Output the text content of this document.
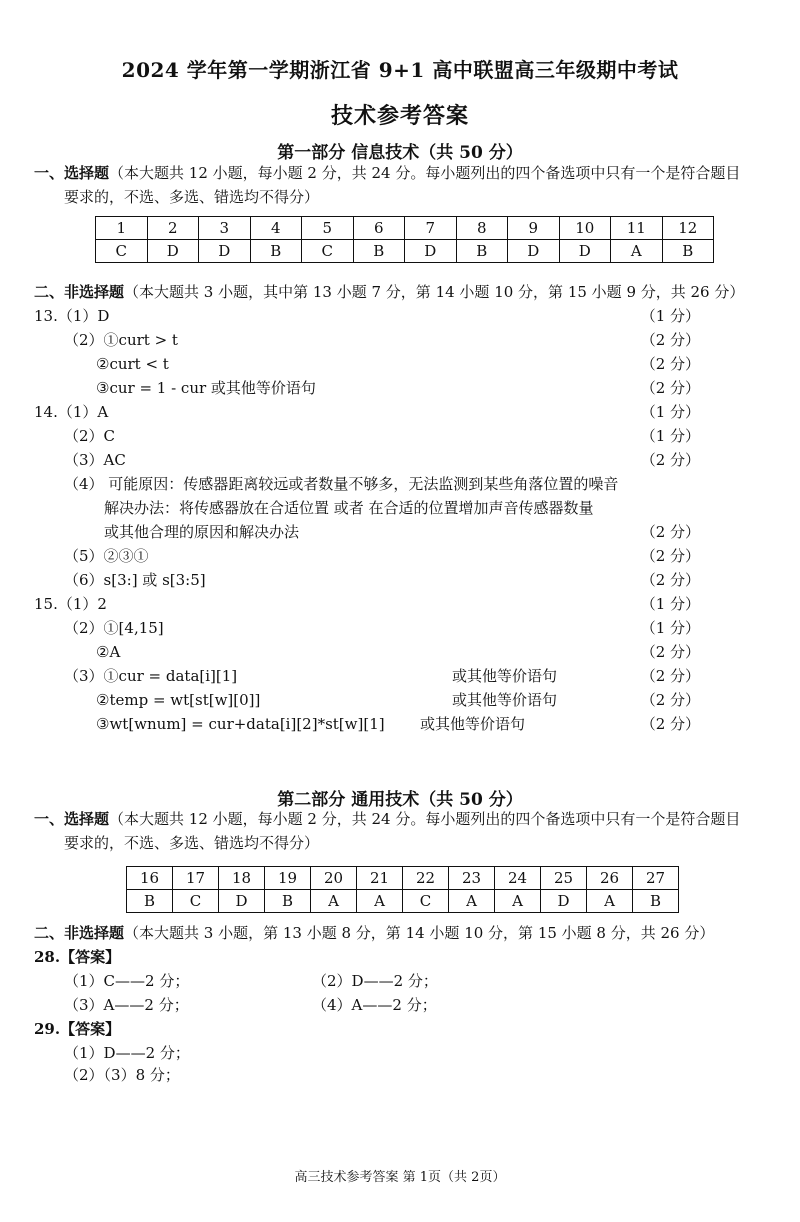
2024 学年第一学期浙江省 9+1 高中联盟高三年级期中考试
技术参考答案
第一部分 信息技术（共 50 分）
一、选择题（本大题共 12 小题，每小题 2 分，共 24 分。每小题列出的四个备选项中只有一个是符合题目
要求的，不选、多选、错选均不得分）
1	2	3	4	5	6	7	8	9	10	11	12
C	D	D	B	C	B	D	B	D	D	A	B
二、非选择题（本大题共 3 小题，其中第 13 小题 7 分，第 14 小题 10 分，第 15 小题 9 分，共 26 分）
13.（1）D	（1 分）
（2）①curt > t	（2 分）
②curt < t	（2 分）
③cur = 1 - cur 或其他等价语句	（2 分）
14.（1）A	（1 分）
（2）C	（1 分）
（3）AC	（2 分）
（4） 可能原因：传感器距离较远或者数量不够多，无法监测到某些角落位置的噪音
解决办法：将传感器放在合适位置 或者 在合适的位置增加声音传感器数量
或其他合理的原因和解决办法	（2 分）
（5）②③①	（2 分）
（6）s[3:] 或 s[3:5]	（2 分）
15.（1）2	（1 分）
（2）①[4,15]	（1 分）
②A	（2 分）
（3）①cur = data[i][1]	或其他等价语句	（2 分）
②temp = wt[st[w][0]]	或其他等价语句	（2 分）
③wt[wnum] = cur+data[i][2]*st[w][1] 或其他等价语句	（2 分）
第二部分 通用技术（共 50 分）
一、选择题（本大题共 12 小题，每小题 2 分，共 24 分。每小题列出的四个备选项中只有一个是符合题目
要求的，不选、多选、错选均不得分）
16	17	18	19	20	21	22	23	24	25	26	27
B	C	D	B	A	A	C	A	A	D	A	B
二、非选择题（本大题共 3 小题，第 13 小题 8 分，第 14 小题 10 分，第 15 小题 8 分，共 26 分）
28.【答案】
（1）C——2 分；	（2）D——2 分；
（3）A——2 分；	（4）A——2 分；
29.【答案】
（1）D——2 分；
（2）（3）8 分；
高三技术参考答案 第 1页（共 2页）
